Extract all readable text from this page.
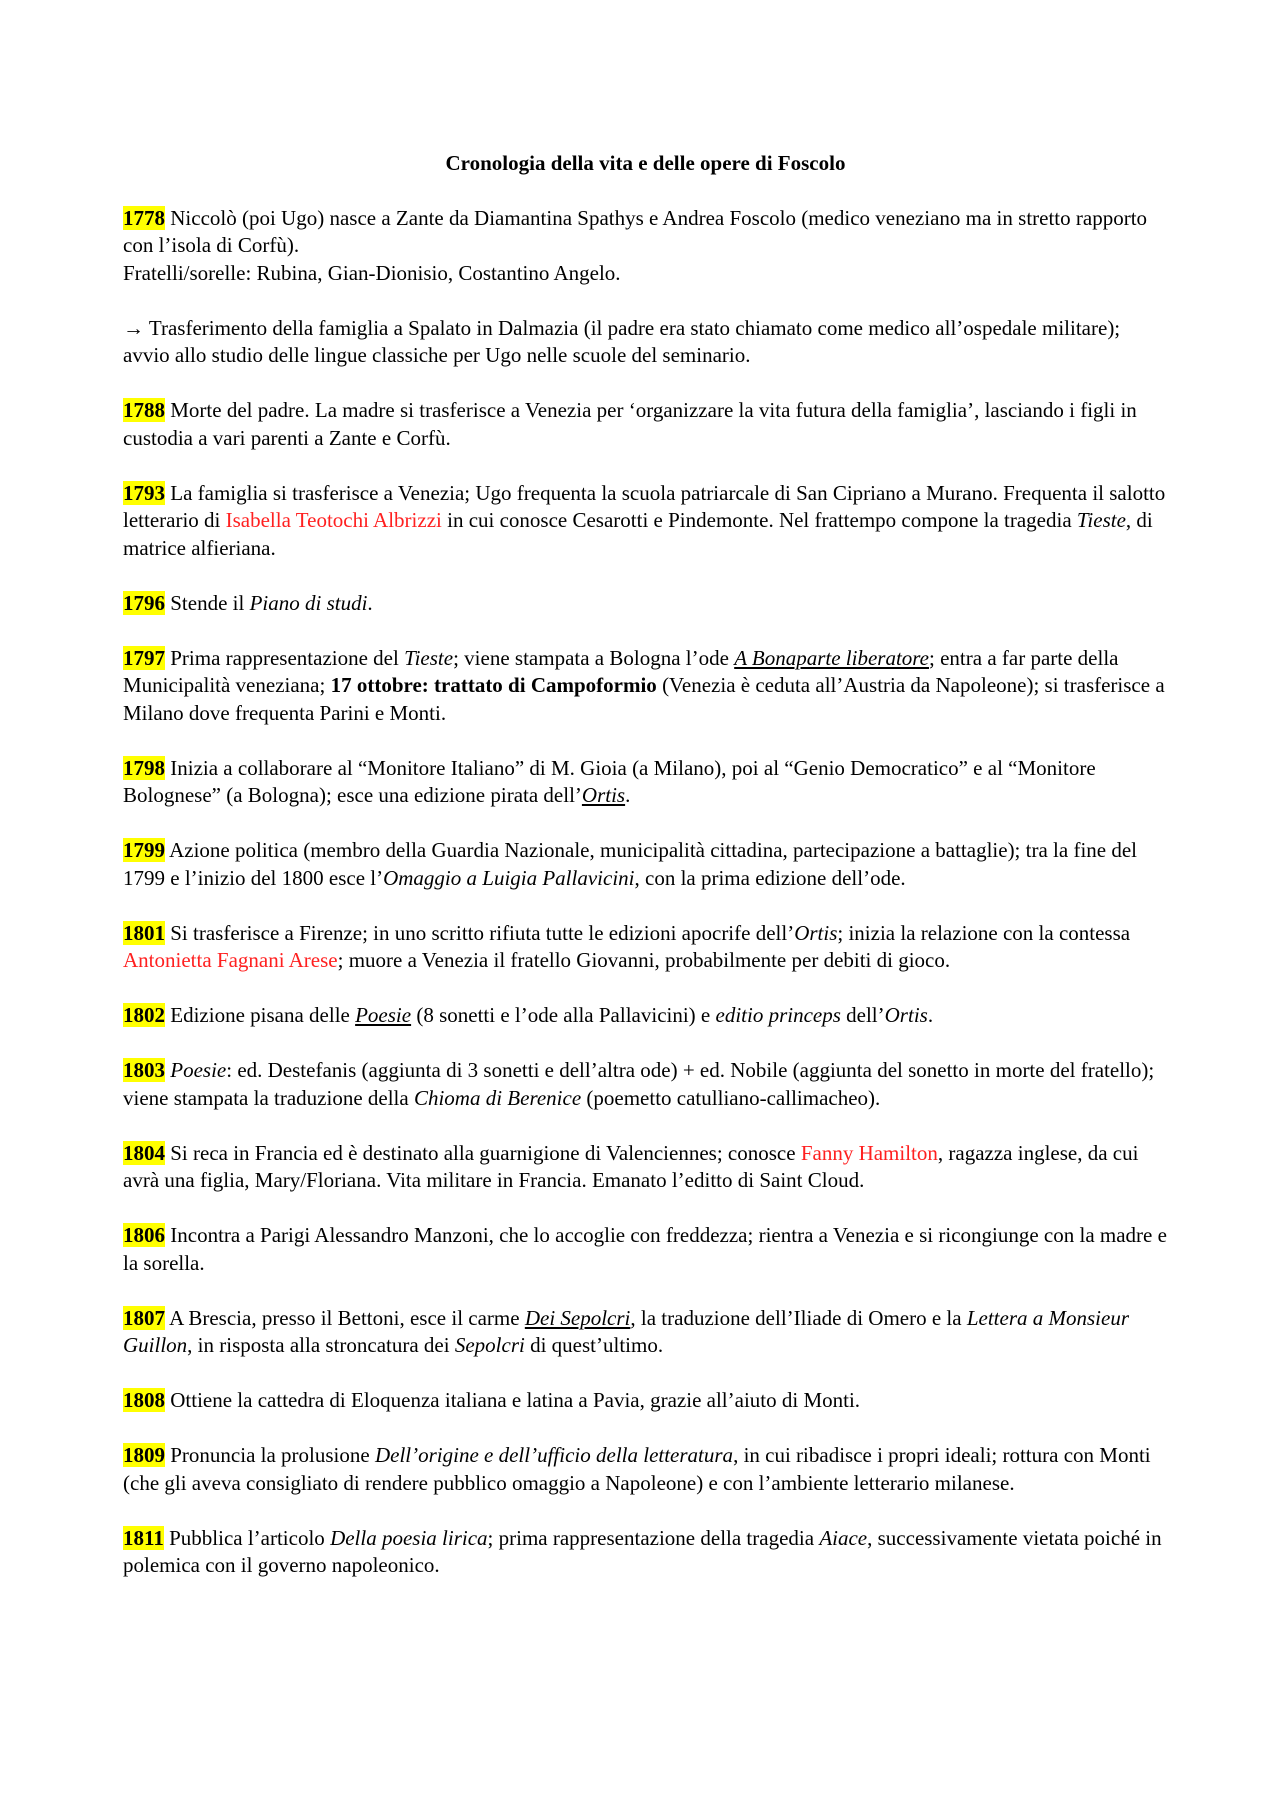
Cronologia della vita e delle opere di Foscolo
1778 Niccolò (poi Ugo) nasce a Zante da Diamantina Spathys e Andrea Foscolo (medico veneziano ma in stretto rapporto con l’isola di Corfù).
Fratelli/sorelle: Rubina, Gian-Dionisio, Costantino Angelo.
→ Trasferimento della famiglia a Spalato in Dalmazia (il padre era stato chiamato come medico all’ospedale militare); avvio allo studio delle lingue classiche per Ugo nelle scuole del seminario.
1788 Morte del padre. La madre si trasferisce a Venezia per ‘organizzare la vita futura della famiglia’, lasciando i figli in custodia a vari parenti a Zante e Corfù.
1793 La famiglia si trasferisce a Venezia; Ugo frequenta la scuola patriarcale di San Cipriano a Murano. Frequenta il salotto letterario di Isabella Teotochi Albrizzi in cui conosce Cesarotti e Pindemonte. Nel frattempo compone la tragedia Tieste, di matrice alfieriana.
1796 Stende il Piano di studi.
1797 Prima rappresentazione del Tieste; viene stampata a Bologna l’ode A Bonaparte liberatore; entra a far parte della Municipalità veneziana; 17 ottobre: trattato di Campoformio (Venezia è ceduta all’Austria da Napoleone); si trasferisce a Milano dove frequenta Parini e Monti.
1798 Inizia a collaborare al “Monitore Italiano” di M. Gioia (a Milano), poi al “Genio Democratico” e al “Monitore Bolognese” (a Bologna); esce una edizione pirata dell’Ortis.
1799 Azione politica (membro della Guardia Nazionale, municipalità cittadina, partecipazione a battaglie); tra la fine del 1799 e l’inizio del 1800 esce l’Omaggio a Luigia Pallavicini, con la prima edizione dell’ode.
1801 Si trasferisce a Firenze; in uno scritto rifiuta tutte le edizioni apocrife dell’Ortis; inizia la relazione con la contessa Antonietta Fagnani Arese; muore a Venezia il fratello Giovanni, probabilmente per debiti di gioco.
1802 Edizione pisana delle Poesie (8 sonetti e l’ode alla Pallavicini) e editio princeps dell’Ortis.
1803 Poesie: ed. Destefanis (aggiunta di 3 sonetti e dell’altra ode) + ed. Nobile (aggiunta del sonetto in morte del fratello); viene stampata la traduzione della Chioma di Berenice (poemetto catulliano-callimacheo).
1804 Si reca in Francia ed è destinato alla guarnigione di Valenciennes; conosce Fanny Hamilton, ragazza inglese, da cui avrà una figlia, Mary/Floriana. Vita militare in Francia. Emanato l’editto di Saint Cloud.
1806 Incontra a Parigi Alessandro Manzoni, che lo accoglie con freddezza; rientra a Venezia e si ricongiunge con la madre e la sorella.
1807 A Brescia, presso il Bettoni, esce il carme Dei Sepolcri, la traduzione dell’Iliade di Omero e la Lettera a Monsieur Guillon, in risposta alla stroncatura dei Sepolcri di quest’ultimo.
1808 Ottiene la cattedra di Eloquenza italiana e latina a Pavia, grazie all’aiuto di Monti.
1809 Pronuncia la prolusione Dell’origine e dell’ufficio della letteratura, in cui ribadisce i propri ideali; rottura con Monti (che gli aveva consigliato di rendere pubblico omaggio a Napoleone) e con l’ambiente letterario milanese.
1811 Pubblica l’articolo Della poesia lirica; prima rappresentazione della tragedia Aiace, successivamente vietata poiché in polemica con il governo napoleonico.
